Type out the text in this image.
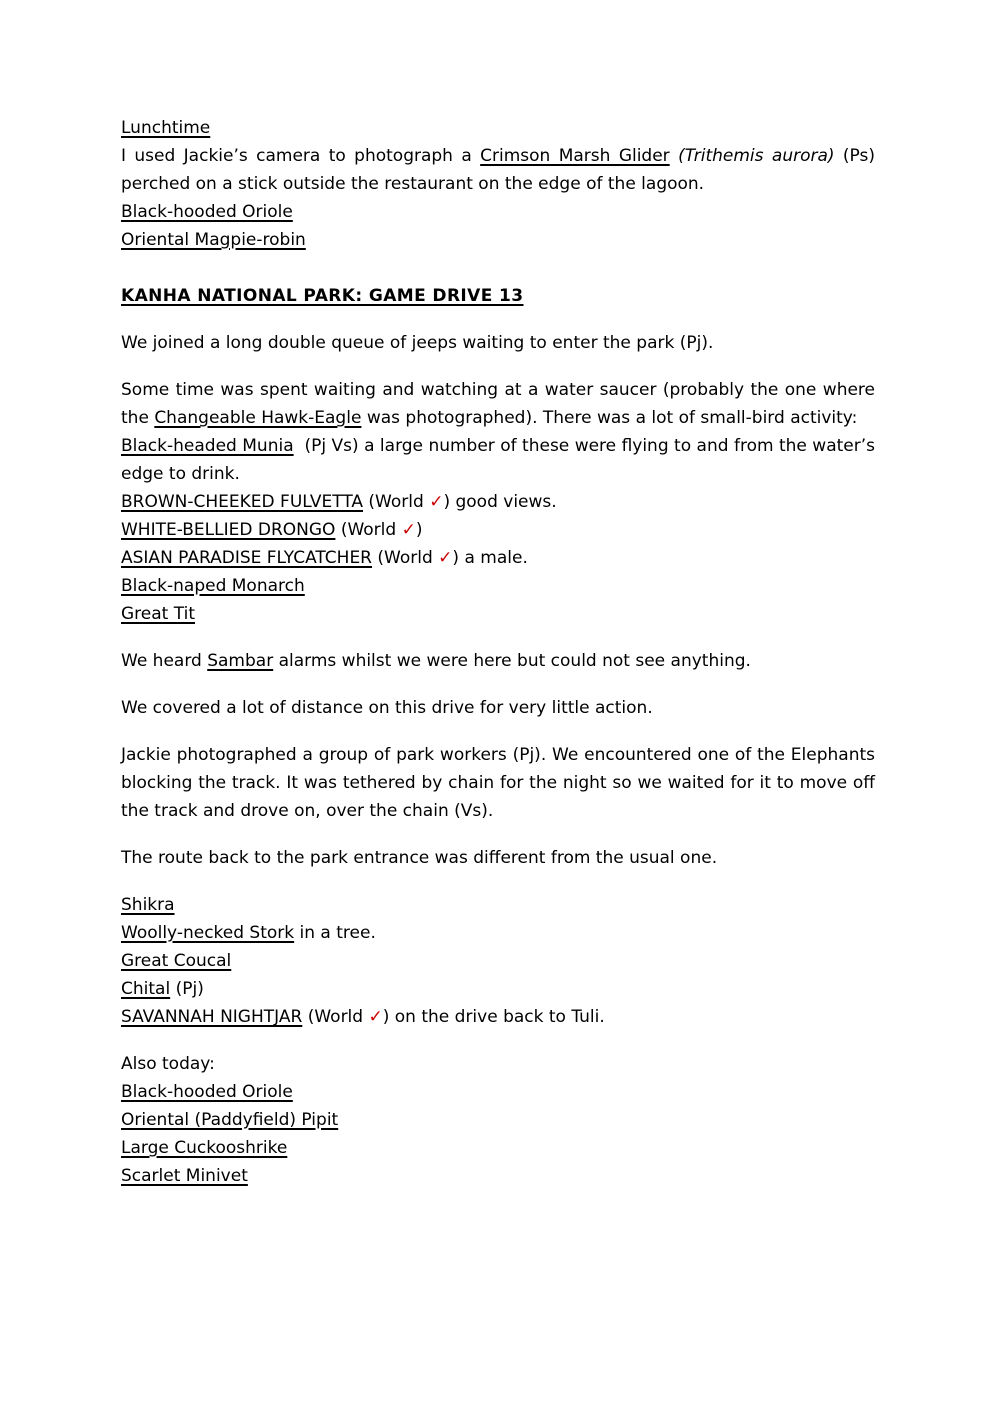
Lunchtime

I used Jackie’s camera to photograph a Crimson Marsh Glider (Trithemis aurora) (Ps) perched on a stick outside the restaurant on the edge of the lagoon.

Black-hooded Oriole

Oriental Magpie-robin

KANHA NATIONAL PARK: GAME DRIVE 13

We joined a long double queue of jeeps waiting to enter the park (Pj).

Some time was spent waiting and watching at a water saucer (probably the one where the Changeable Hawk-Eagle was photographed). There was a lot of small-bird activity:

Black-headed Munia  (Pj Vs) a large number of these were flying to and from the water’s edge to drink.

BROWN-CHEEKED FULVETTA (World ✓) good views.

WHITE-BELLIED DRONGO (World ✓)

ASIAN PARADISE FLYCATCHER (World ✓) a male.

Black-naped Monarch

Great Tit

We heard Sambar alarms whilst we were here but could not see anything.

We covered a lot of distance on this drive for very little action.

Jackie photographed a group of park workers (Pj). We encountered one of the Elephants blocking the track. It was tethered by chain for the night so we waited for it to move off the track and drove on, over the chain (Vs).

The route back to the park entrance was different from the usual one.

Shikra

Woolly-necked Stork in a tree.

Great Coucal

Chital (Pj)

SAVANNAH NIGHTJAR (World ✓) on the drive back to Tuli.

Also today:

Black-hooded Oriole

Oriental (Paddyfield) Pipit

Large Cuckooshrike

Scarlet Minivet
